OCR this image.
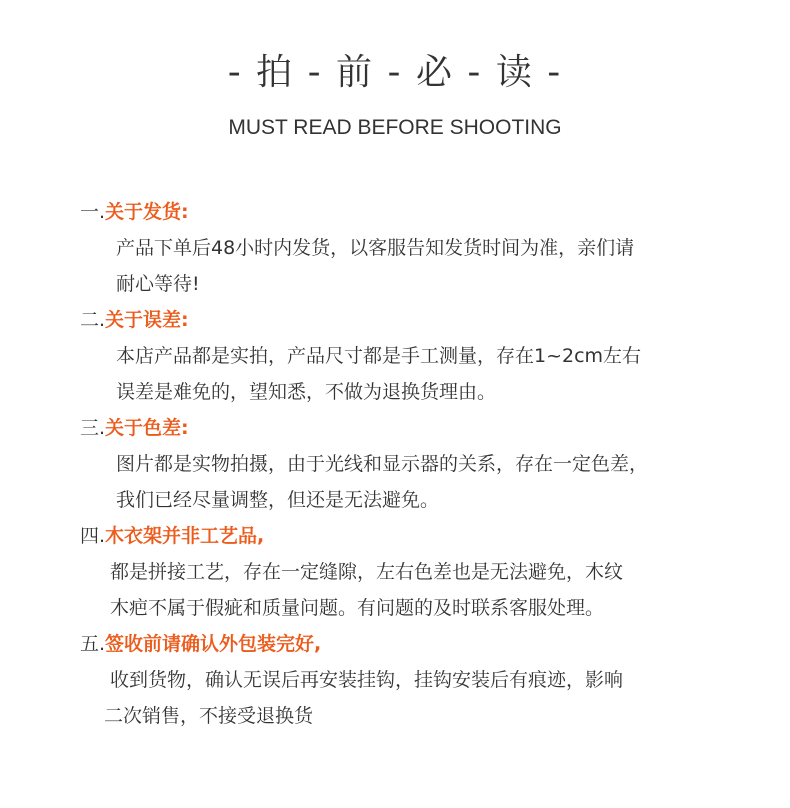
- 拍 - 前 - 必 - 读 -
MUST READ BEFORE SHOOTING
一.关于发货:
产品下单后48小时内发货，以客服告知发货时间为准，亲们请
耐心等待!
二.关于误差:
本店产品都是实拍，产品尺寸都是手工测量，存在1~2cm左右
误差是难免的，望知悉，不做为退换货理由。
三.关于色差:
图片都是实物拍摄，由于光线和显示器的关系，存在一定色差，
我们已经尽量调整，但还是无法避免。
四.木衣架并非工艺品,
都是拼接工艺，存在一定缝隙，左右色差也是无法避免，木纹
木疤不属于假疵和质量问题。有问题的及时联系客服处理。
五.签收前请确认外包装完好,
收到货物，确认无误后再安装挂钩，挂钩安装后有痕迹，影响
二次销售，不接受退换货
